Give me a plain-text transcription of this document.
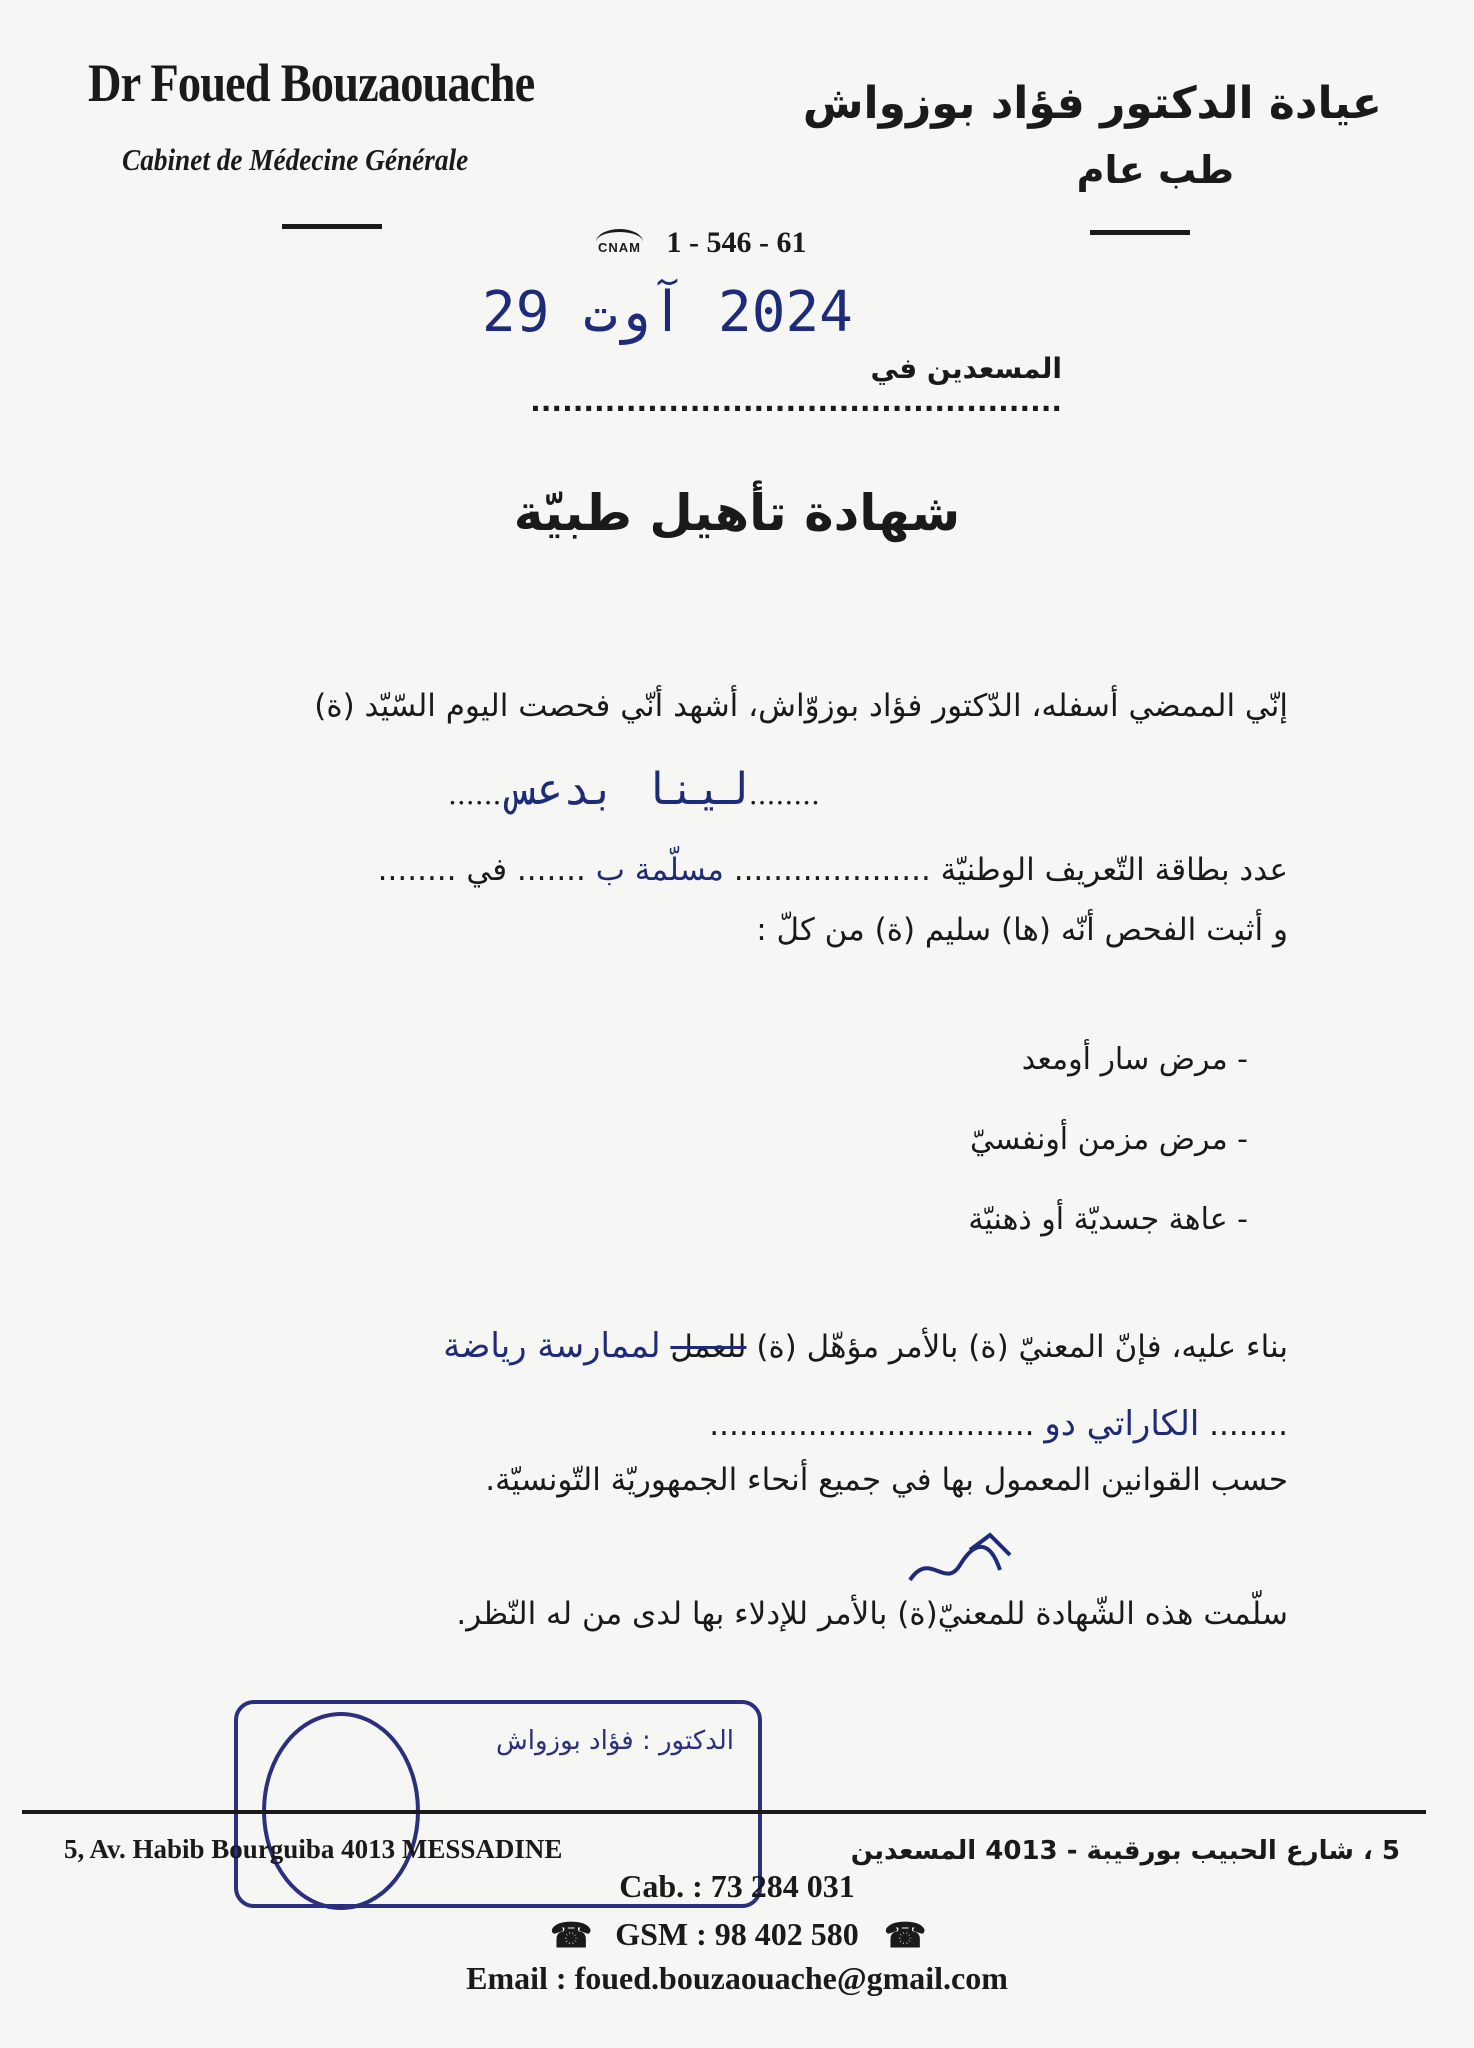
Dr Foued Bouzaouache
Cabinet de Médecine Générale
عيادة الدكتور فؤاد بوزواش
طب عام
CNAM 1 - 546 - 61
2024 آوت 29
المسعدين في ..................................................
شهادة تأهيل طبيّة
إنّي الممضي أسفله، الدّكتور فؤاد بوزوّاش، أشهد أنّي فحصت اليوم السّيّد (ة)
.......لينا بدعس........
عدد بطاقة التّعريف الوطنيّة .................... مسلّمة ب ....... في ........
و أثبت الفحص أنّه (ها) سليم (ة) من كلّ :
- مرض سار أومعد
- مرض مزمن أونفسيّ
- عاهة جسديّة أو ذهنيّة
بناء عليه، فإنّ المعنيّ (ة) بالأمر مؤهّل (ة) للعمل لممارسة رياضة
........ الكاراتي دو .................................
حسب القوانين المعمول بها في جميع أنحاء الجمهوريّة التّونسيّة.
سلّمت هذه الشّهادة للمعنيّ(ة) بالأمر للإدلاء بها لدى من له النّظر.
الدكتور : فؤاد بوزواش
5, Av. Habib Bourguiba 4013 MESSADINE	5 ، شارع الحبيب بورقيبة - 4013 المسعدين
Cab. : 73 284 031
☎ GSM : 98 402 580 ☎
Email : foued.bouzaouache@gmail.com
